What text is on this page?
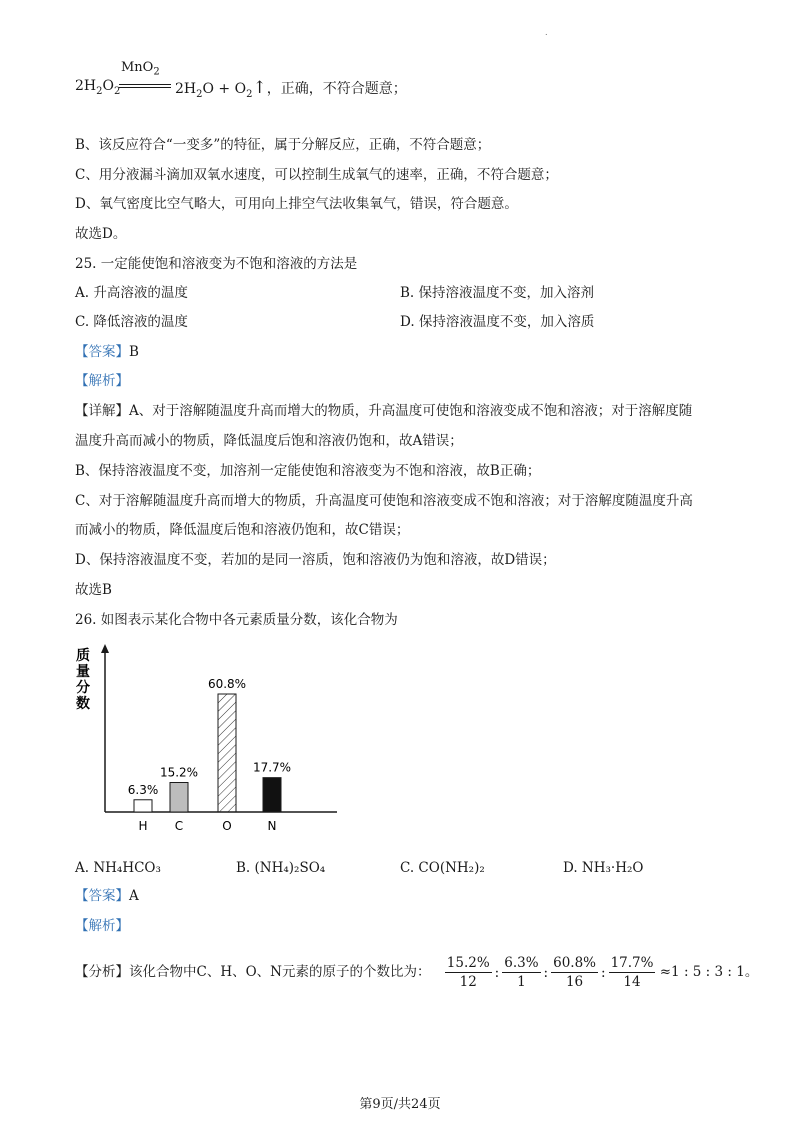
.
$2H_2O_2$
MnO$_2$
$2H_2O$ + $O_2↑$，正确，不符合题意；
B、该反应符合“一变多”的特征，属于分解反应，正确，不符合题意；
C、用分液漏斗滴加双氧水速度，可以控制生成氧气的速率，正确，不符合题意；
D、氧气密度比空气略大，可用向上排空气法收集氧气，错误，符合题意。
故选D。
25. 一定能使饱和溶液变为不饱和溶液的方法是
A. 升高溶液的温度	B. 保持溶液温度不变，加入溶剂
C. 降低溶液的温度	D. 保持溶液温度不变，加入溶质
【答案】B
【解析】
【详解】A、对于溶解随温度升高而增大的物质，升高温度可使饱和溶液变成不饱和溶液；对于溶解度随
温度升高而减小的物质，降低温度后饱和溶液仍饱和，故A错误；
B、保持溶液温度不变，加溶剂一定能使饱和溶液变为不饱和溶液，故B正确；
C、对于溶解随温度升高而增大的物质，升高温度可使饱和溶液变成不饱和溶液；对于溶解度随温度升高
而减小的物质，降低温度后饱和溶液仍饱和，故C错误；
D、保持溶液温度不变，若加的是同一溶质，饱和溶液仍为饱和溶液，故D错误；
故选B
26. 如图表示某化合物中各元素质量分数，该化合物为
质
量
分
数
6.3%
H
15.2%
C
60.8%
O
17.7%
N
A. NH₄HCO₃	B. (NH₄)₂SO₄	C. CO(NH₂)₂	D. NH₃·H₂O
【答案】A
【解析】
【分析】该化合物中C、H、O、N元素的原子的个数比为： $\frac{15.2\%}{12}$ : $\frac{6.3\%}{1}$ : $\frac{60.8\%}{16}$ : $\frac{17.7\%}{14} \approx 1$ : 5 : 3 : 1。
第9页/共24页
